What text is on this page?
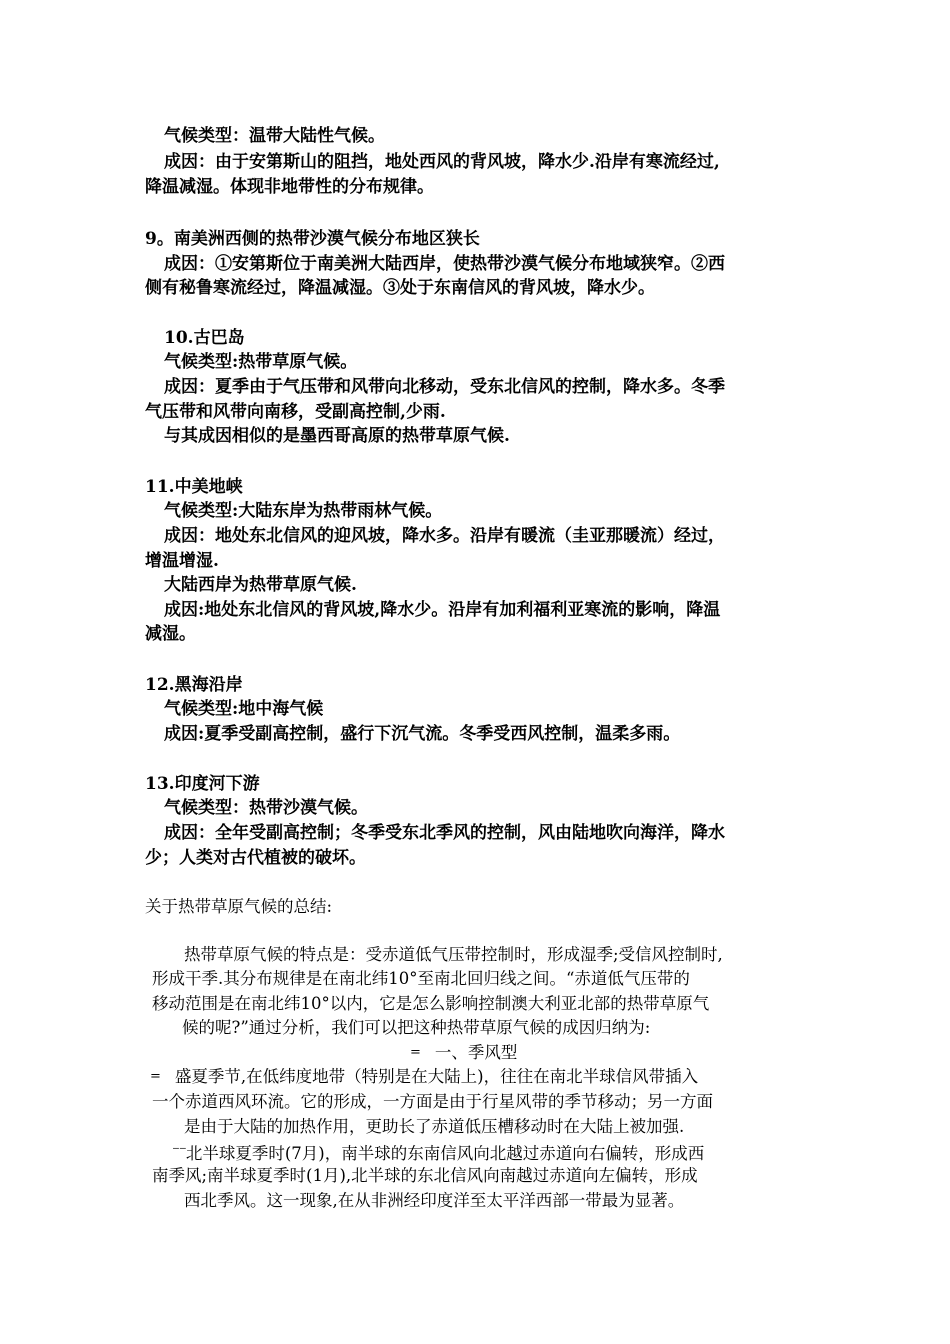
气候类型：温带大陆性气候。
成因：由于安第斯山的阻挡，地处西风的背风坡，降水少.沿岸有寒流经过,
降温减湿。体现非地带性的分布规律。
9。南美洲西侧的热带沙漠气候分布地区狭长
成因：①安第斯位于南美洲大陆西岸，使热带沙漠气候分布地域狭窄。②西
侧有秘鲁寒流经过，降温减湿。③处于东南信风的背风坡，降水少。
10.古巴岛
气候类型:热带草原气候。
成因：夏季由于气压带和风带向北移动，受东北信风的控制，降水多。冬季
气压带和风带向南移，受副高控制,少雨.
与其成因相似的是墨西哥高原的热带草原气候.
11.中美地峡
气候类型:大陆东岸为热带雨林气候。
成因：地处东北信风的迎风坡，降水多。沿岸有暖流（圭亚那暖流）经过，
增温增湿.
大陆西岸为热带草原气候.
成因:地处东北信风的背风坡,降水少。沿岸有加利福利亚寒流的影响，降温
减湿。
12.黑海沿岸
气候类型:地中海气候
成因:夏季受副高控制，盛行下沉气流。冬季受西风控制，温柔多雨。
13.印度河下游
气候类型：热带沙漠气候。
成因：全年受副高控制；冬季受东北季风的控制，风由陆地吹向海洋，降水
少；人类对古代植被的破坏。
关于热带草原气候的总结:
热带草原气候的特点是：受赤道低气压带控制时，形成湿季;受信风控制时,
形成干季.其分布规律是在南北纬10°至南北回归线之间。“赤道低气压带的
移动范围是在南北纬10°以内，它是怎么影响控制澳大利亚北部的热带草原气
候的呢?”通过分析，我们可以把这种热带草原气候的成因归纳为:
= 一、季风型
= 盛夏季节,在低纬度地带（特别是在大陆上)，往往在南北半球信风带插入
一个赤道西风环流。它的形成，一方面是由于行星风带的季节移动；另一方面
是由于大陆的加热作用，更助长了赤道低压槽移动时在大陆上被加强.
⁻⁻北半球夏季时(7月)，南半球的东南信风向北越过赤道向右偏转，形成西
南季风;南半球夏季时(1月),北半球的东北信风向南越过赤道向左偏转，形成
西北季风。这一现象,在从非洲经印度洋至太平洋西部一带最为显著。
